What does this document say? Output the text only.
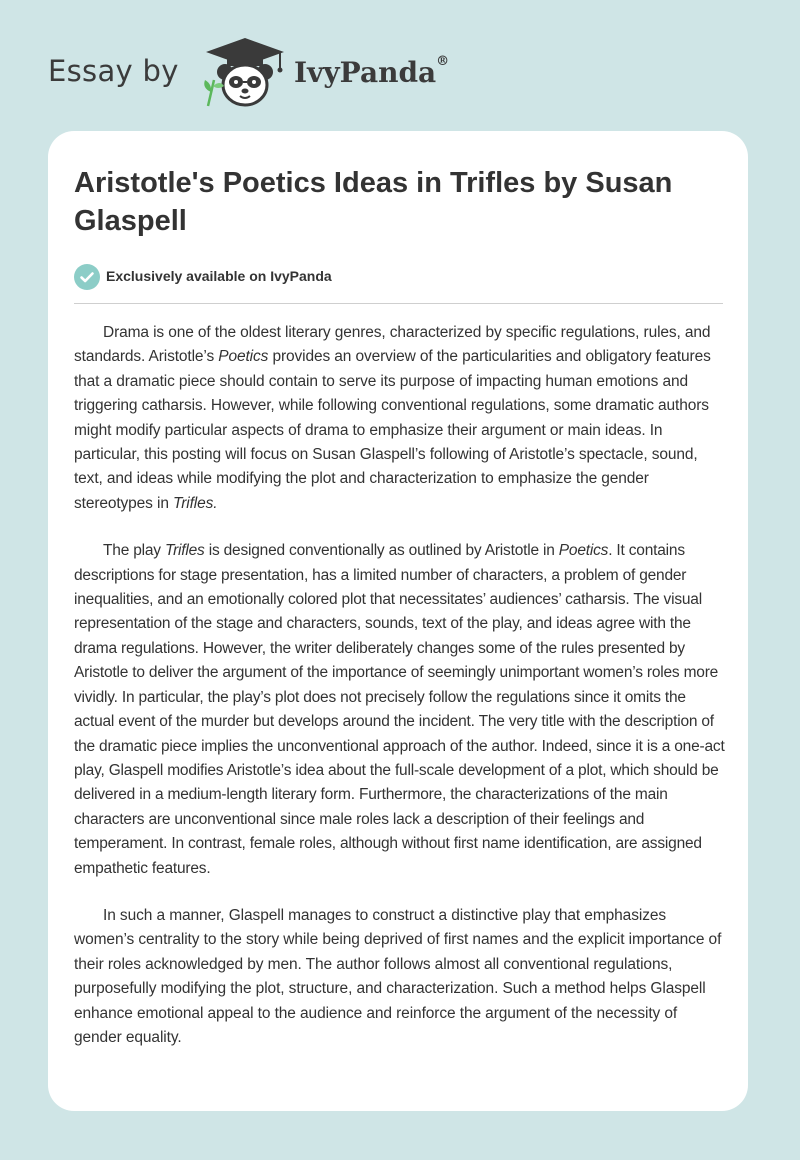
Essay by	IvyPanda®
Aristotle's Poetics Ideas in Trifles by Susan Glaspell
Exclusively available on IvyPanda

Drama is one of the oldest literary genres, characterized by specific regulations, rules, and standards. Aristotle’s Poetics provides an overview of the particularities and obligatory features that a dramatic piece should contain to serve its purpose of impacting human emotions and triggering catharsis. However, while following conventional regulations, some dramatic authors might modify particular aspects of drama to emphasize their argument or main ideas. In particular, this posting will focus on Susan Glaspell’s following of Aristotle’s spectacle, sound, text, and ideas while modifying the plot and characterization to emphasize the gender stereotypes in Trifles.

The play Trifles is designed conventionally as outlined by Aristotle in Poetics. It contains descriptions for stage presentation, has a limited number of characters, a problem of gender inequalities, and an emotionally colored plot that necessitates’ audiences’ catharsis. The visual representation of the stage and characters, sounds, text of the play, and ideas agree with the drama regulations. However, the writer deliberately changes some of the rules presented by Aristotle to deliver the argument of the importance of seemingly unimportant women’s roles more vividly. In particular, the play’s plot does not precisely follow the regulations since it omits the actual event of the murder but develops around the incident. The very title with the description of the dramatic piece implies the unconventional approach of the author. Indeed, since it is a one-act play, Glaspell modifies Aristotle’s idea about the full-scale development of a plot, which should be delivered in a medium-length literary form. Furthermore, the characterizations of the main characters are unconventional since male roles lack a description of their feelings and temperament. In contrast, female roles, although without first name identification, are assigned empathetic features.

In such a manner, Glaspell manages to construct a distinctive play that emphasizes women’s centrality to the story while being deprived of first names and the explicit importance of their roles acknowledged by men. The author follows almost all conventional regulations, purposefully modifying the plot, structure, and characterization. Such a method helps Glaspell enhance emotional appeal to the audience and reinforce the argument of the necessity of gender equality.
